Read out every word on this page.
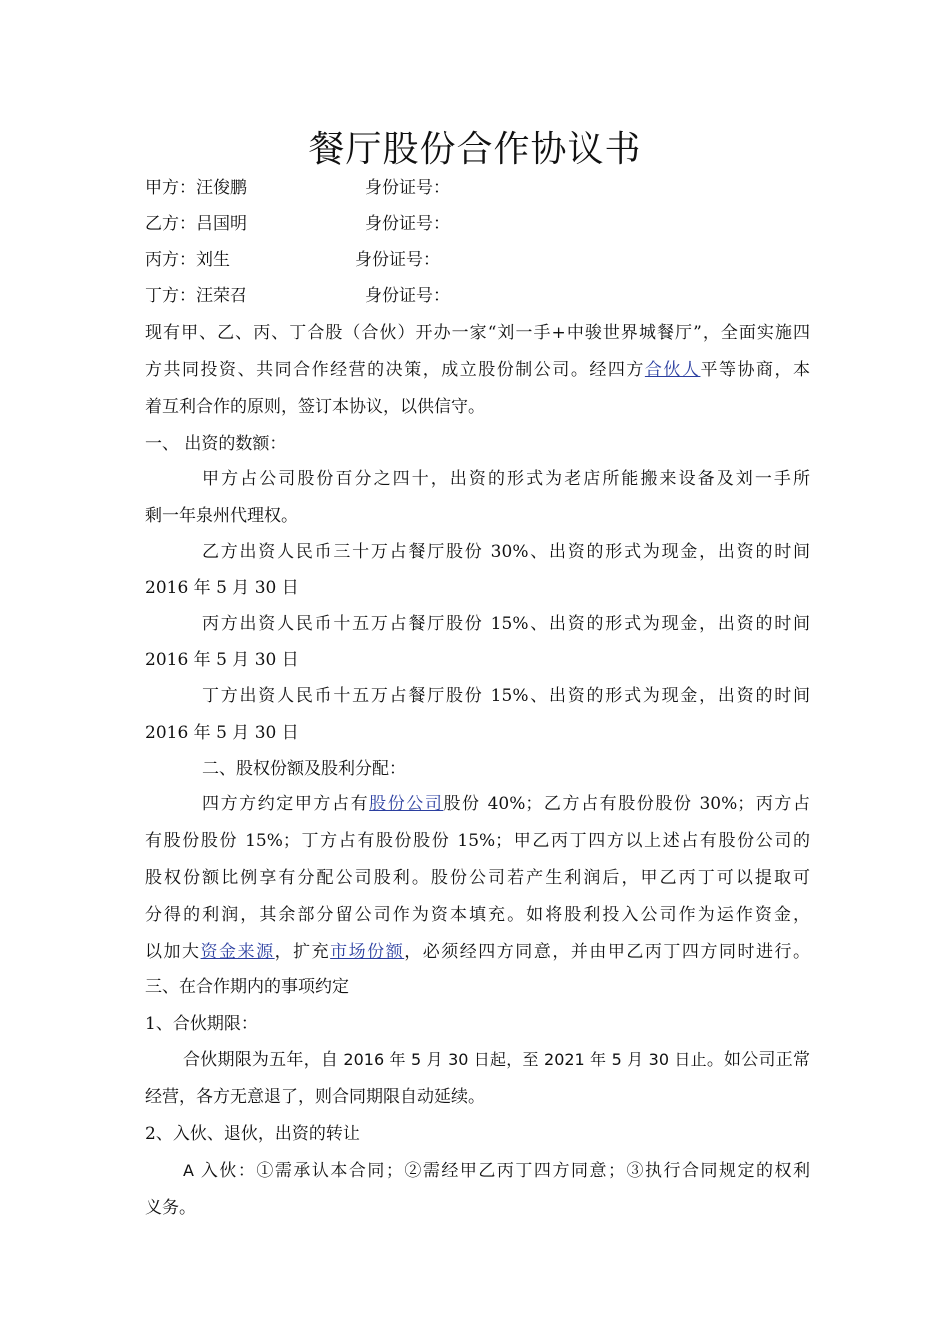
餐厅股份合作协议书
甲方：汪俊鹏	身份证号：
乙方：吕国明	身份证号：
丙方：刘生	身份证号：
丁方：汪荣召	身份证号：
现有甲、乙、丙、丁合股（合伙）开办一家“刘一手+中骏世界城餐厅”，全面实施四
方共同投资、共同合作经营的决策，成立股份制公司。经四方合伙人平等协商，本
着互利合作的原则，签订本协议，以供信守。
一、 出资的数额：
甲方占公司股份百分之四十，出资的形式为老店所能搬来设备及刘一手所
剩一年泉州代理权。
乙方出资人民币三十万占餐厅股份 30%、出资的形式为现金，出资的时间
2016 年 5 月 30 日
丙方出资人民币十五万占餐厅股份 15%、出资的形式为现金，出资的时间
2016 年 5 月 30 日
丁方出资人民币十五万占餐厅股份 15%、出资的形式为现金，出资的时间
2016 年 5 月 30 日
二、股权份额及股利分配：
四方方约定甲方占有股份公司股份 40%；乙方占有股份股份 30%；丙方占
有股份股份 15%；丁方占有股份股份 15%；甲乙丙丁四方以上述占有股份公司的
股权份额比例享有分配公司股利。股份公司若产生利润后，甲乙丙丁可以提取可
分得的利润，其余部分留公司作为资本填充。如将股利投入公司作为运作资金，
以加大资金来源，扩充市场份额，必须经四方同意，并由甲乙丙丁四方同时进行。
三、在合作期内的事项约定
1、合伙期限：
合伙期限为五年，自 2016 年 5 月 30 日起，至 2021 年 5 月 30 日止。如公司正常
经营，各方无意退了，则合同期限自动延续。
2、入伙、退伙，出资的转让
A 入伙：①需承认本合同；②需经甲乙丙丁四方同意；③执行合同规定的权利
义务。
